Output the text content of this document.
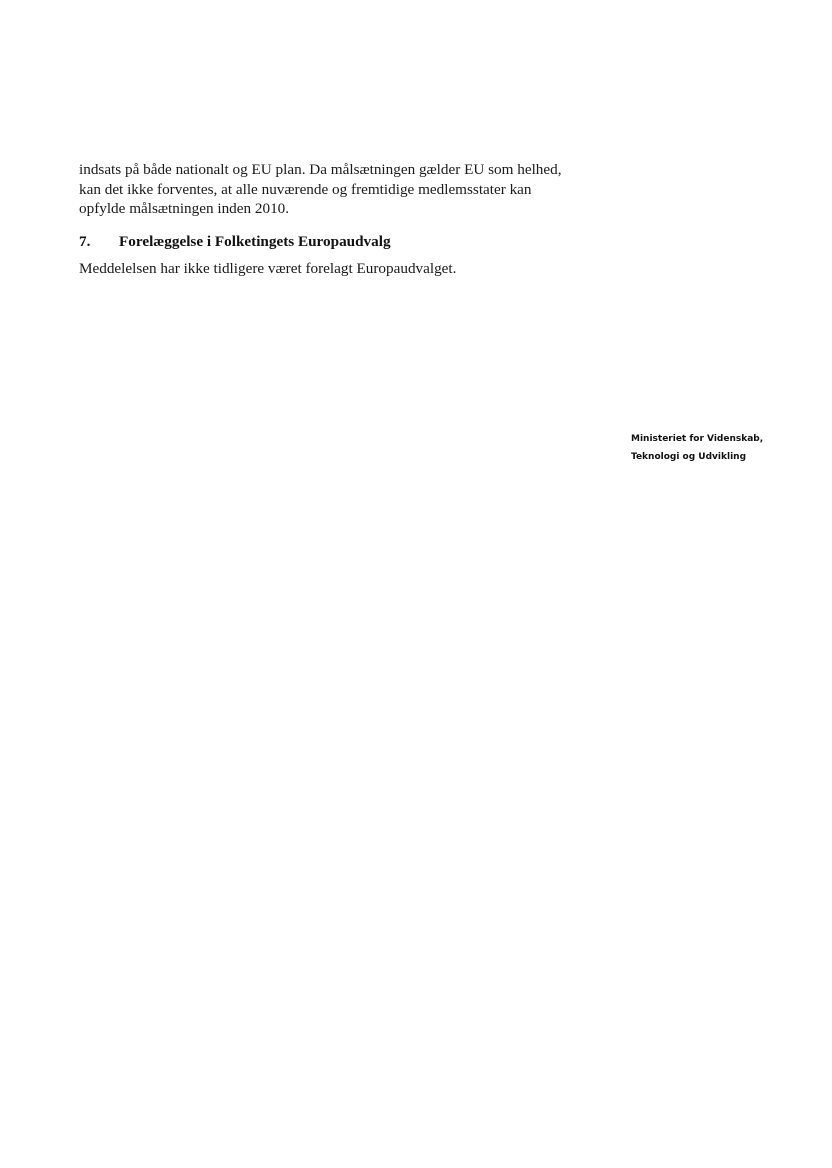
indsats på både nationalt og EU plan. Da målsætningen gælder EU som helhed,
kan det ikke forventes, at alle nuværende og fremtidige medlemsstater kan
opfylde målsætningen inden 2010.
7. Forelæggelse i Folketingets Europaudvalg
Meddelelsen har ikke tidligere været forelagt Europaudvalget.
Ministeriet for Videnskab,
Teknologi og Udvikling
